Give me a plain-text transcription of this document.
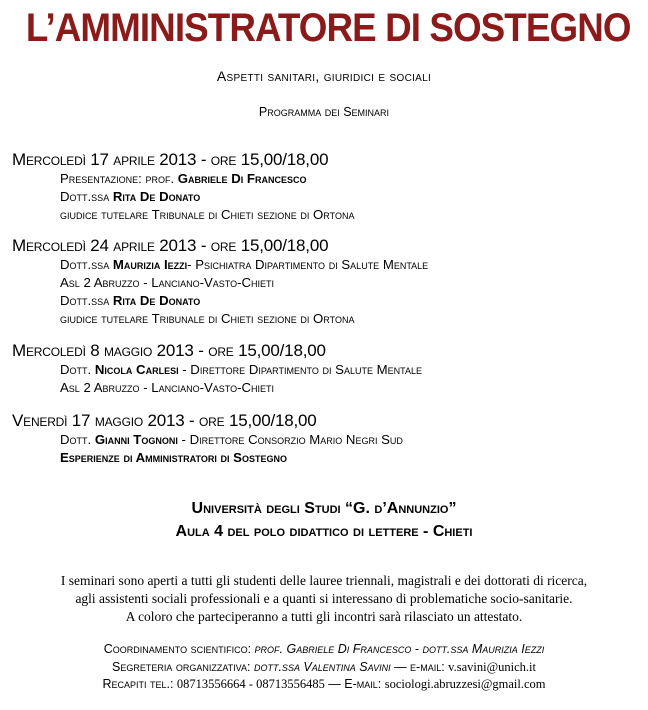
L’AMMINISTRATORE DI SOSTEGNO
Aspetti sanitari, giuridici e sociali
Programma dei Seminari
Mercoledì 17 aprile 2013 - ore 15,00/18,00
Presentazione: prof. Gabriele Di Francesco
Dott.ssa Rita De Donato
giudice tutelare Tribunale di Chieti sezione di Ortona
Mercoledì 24 aprile 2013 - ore 15,00/18,00
Dott.ssa Maurizia Iezzi- Psichiatra Dipartimento di Salute Mentale
Asl 2 Abruzzo - Lanciano-Vasto-Chieti
Dott.ssa Rita De Donato
giudice tutelare Tribunale di Chieti sezione di Ortona
Mercoledì 8 maggio 2013 - ore 15,00/18,00
Dott. Nicola Carlesi - Direttore Dipartimento di Salute Mentale
Asl 2 Abruzzo - Lanciano-Vasto-Chieti
Venerdì 17 maggio 2013 - ore 15,00/18,00
Dott. Gianni Tognoni - Direttore Consorzio Mario Negri Sud
Esperienze di Amministratori di Sostegno
Università degli Studi “G. d’Annunzio”
Aula 4 del polo didattico di lettere - Chieti
I seminari sono aperti a tutti gli studenti delle lauree triennali, magistrali e dei dottorati di ricerca,
agli assistenti sociali professionali e a quanti si interessano di problematiche socio-sanitarie.
A coloro che parteciperanno a tutti gli incontri sarà rilasciato un attestato.
Coordinamento scientifico: prof. Gabriele Di Francesco - dott.ssa Maurizia Iezzi
Segreteria organizzativa: dott.ssa Valentina Savini — e-mail: v.savini@unich.it
Recapiti tel.: 08713556664 - 08713556485 — E-mail: sociologi.abruzzesi@gmail.com
